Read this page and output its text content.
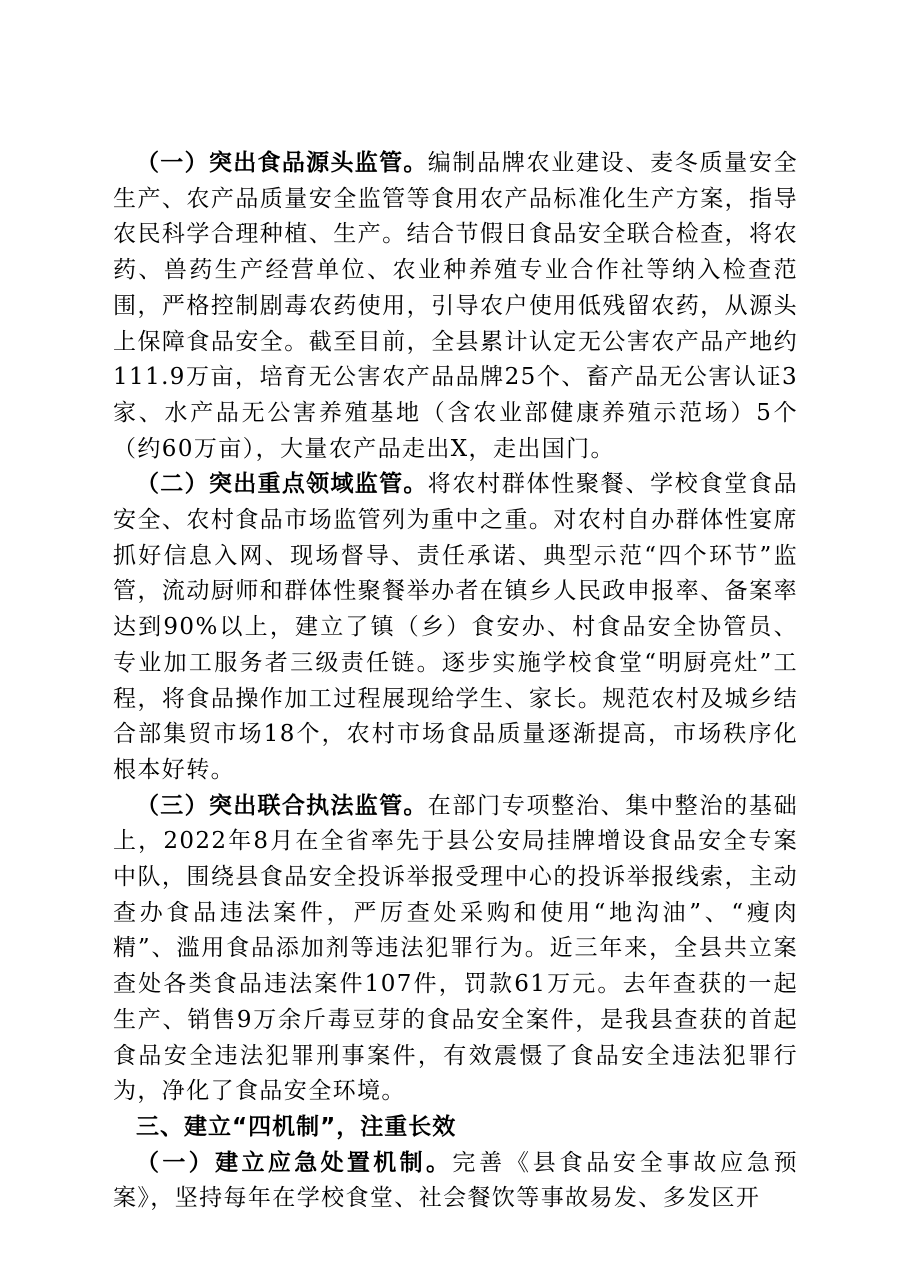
（一）突出食品源头监管。编制品牌农业建设、麦冬质量安全生产、农产品质量安全监管等食用农产品标准化生产方案，指导农民科学合理种植、生产。结合节假日食品安全联合检查，将农药、兽药生产经营单位、农业种养殖专业合作社等纳入检查范围，严格控制剧毒农药使用，引导农户使用低残留农药，从源头上保障食品安全。截至目前，全县累计认定无公害农产品产地约111.9万亩，培育无公害农产品品牌25个、畜产品无公害认证3家、水产品无公害养殖基地（含农业部健康养殖示范场）5个（约60万亩），大量农产品走出X，走出国门。

（二）突出重点领域监管。将农村群体性聚餐、学校食堂食品安全、农村食品市场监管列为重中之重。对农村自办群体性宴席抓好信息入网、现场督导、责任承诺、典型示范“四个环节”监管，流动厨师和群体性聚餐举办者在镇乡人民政申报率、备案率达到90%以上，建立了镇（乡）食安办、村食品安全协管员、专业加工服务者三级责任链。逐步实施学校食堂“明厨亮灶”工程，将食品操作加工过程展现给学生、家长。规范农村及城乡结合部集贸市场18个，农村市场食品质量逐渐提高，市场秩序化根本好转。

（三）突出联合执法监管。在部门专项整治、集中整治的基础上，2022年8月在全省率先于县公安局挂牌增设食品安全专案中队，围绕县食品安全投诉举报受理中心的投诉举报线索，主动查办食品违法案件，严厉查处采购和使用“地沟油”、“瘦肉精”、滥用食品添加剂等违法犯罪行为。近三年来，全县共立案查处各类食品违法案件107件，罚款61万元。去年查获的一起生产、销售9万余斤毒豆芽的食品安全案件，是我县查获的首起食品安全违法犯罪刑事案件，有效震慑了食品安全违法犯罪行为，净化了食品安全环境。

三、建立“四机制”，注重长效

（一）建立应急处置机制。完善《县食品安全事故应急预案》，坚持每年在学校食堂、社会餐饮等事故易发、多发区开
